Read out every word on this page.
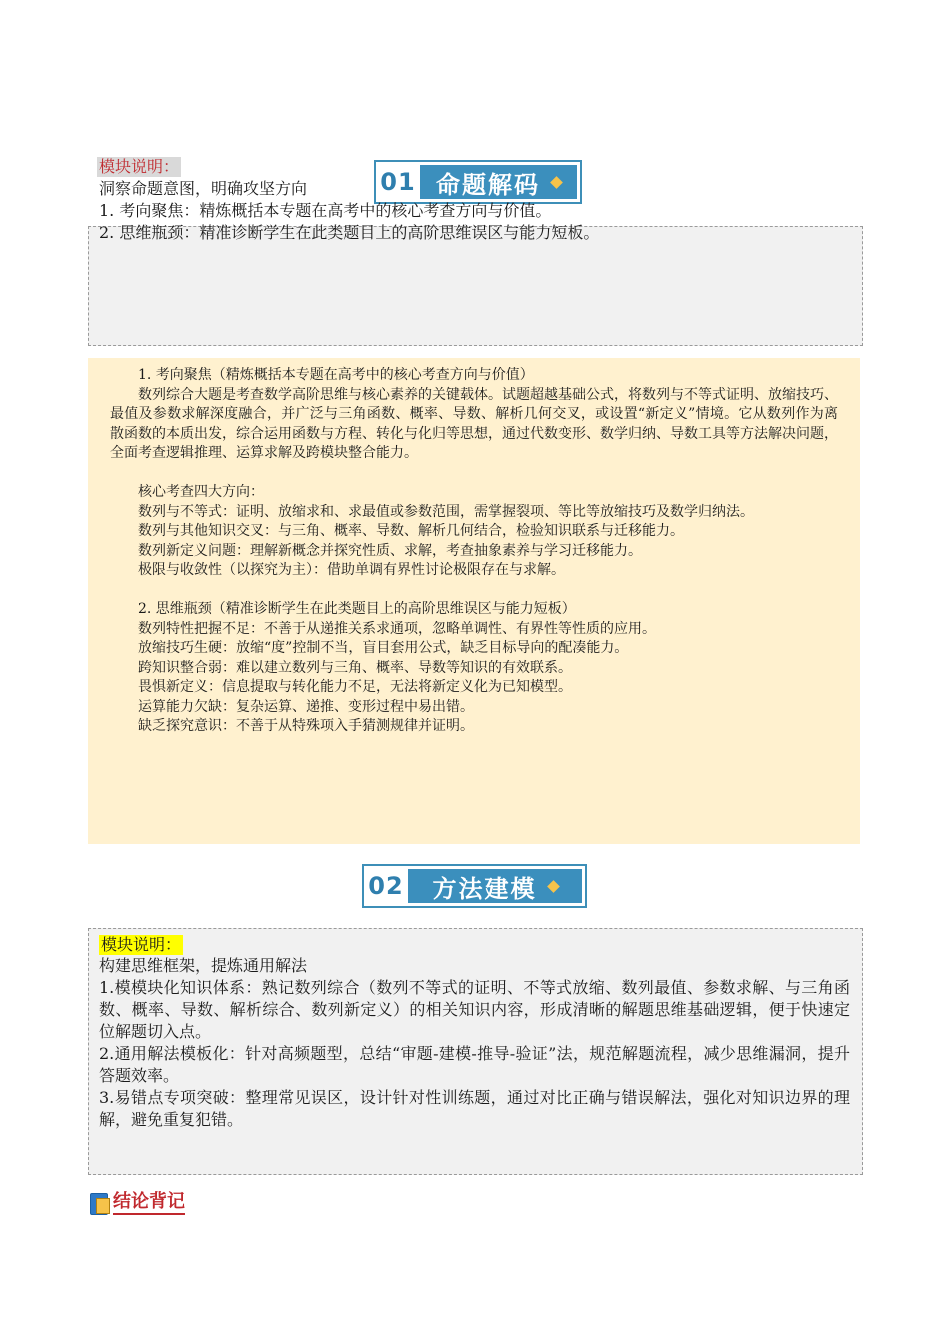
01 命题解码
模块说明：
洞察命题意图，明确攻坚方向
1. 考向聚焦：精炼概括本专题在高考中的核心考查方向与价值。
2. 思维瓶颈：精准诊断学生在此类题目上的高阶思维误区与能力短板。

1. 考向聚焦（精炼概括本专题在高考中的核心考查方向与价值）

数列综合大题是考查数学高阶思维与核心素养的关键载体。试题超越基础公式，将数列与不等式证明、放缩技巧、最值及参数求解深度融合，并广泛与三角函数、概率、导数、解析几何交叉，或设置“新定义”情境。它从数列作为离散函数的本质出发，综合运用函数与方程、转化与化归等思想，通过代数变形、数学归纳、导数工具等方法解决问题，全面考查逻辑推理、运算求解及跨模块整合能力。

核心考查四大方向：

数列与不等式：证明、放缩求和、求最值或参数范围，需掌握裂项、等比等放缩技巧及数学归纳法。

数列与其他知识交叉：与三角、概率、导数、解析几何结合，检验知识联系与迁移能力。

数列新定义问题：理解新概念并探究性质、求解，考查抽象素养与学习迁移能力。

极限与收敛性（以探究为主）：借助单调有界性讨论极限存在与求解。

2. 思维瓶颈（精准诊断学生在此类题目上的高阶思维误区与能力短板）

数列特性把握不足：不善于从递推关系求通项，忽略单调性、有界性等性质的应用。

放缩技巧生硬：放缩“度”控制不当，盲目套用公式，缺乏目标导向的配凑能力。

跨知识整合弱：难以建立数列与三角、概率、导数等知识的有效联系。

畏惧新定义：信息提取与转化能力不足，无法将新定义化为已知模型。

运算能力欠缺：复杂运算、递推、变形过程中易出错。

缺乏探究意识：不善于从特殊项入手猜测规律并证明。

02 方法建模
模块说明：

构建思维框架，提炼通用解法

1.模模块化知识体系：熟记数列综合（数列不等式的证明、不等式放缩、数列最值、参数求解、与三角函数、概率、导数、解析综合、数列新定义）的相关知识内容，形成清晰的解题思维基础逻辑，便于快速定位解题切入点。

2.通用解法模板化：针对高频题型，总结“审题-建模-推导-验证”法，规范解题流程，减少思维漏洞，提升答题效率。

3.易错点专项突破：整理常见误区，设计针对性训练题，通过对比正确与错误解法，强化对知识边界的理解，避免重复犯错。

结论背记
